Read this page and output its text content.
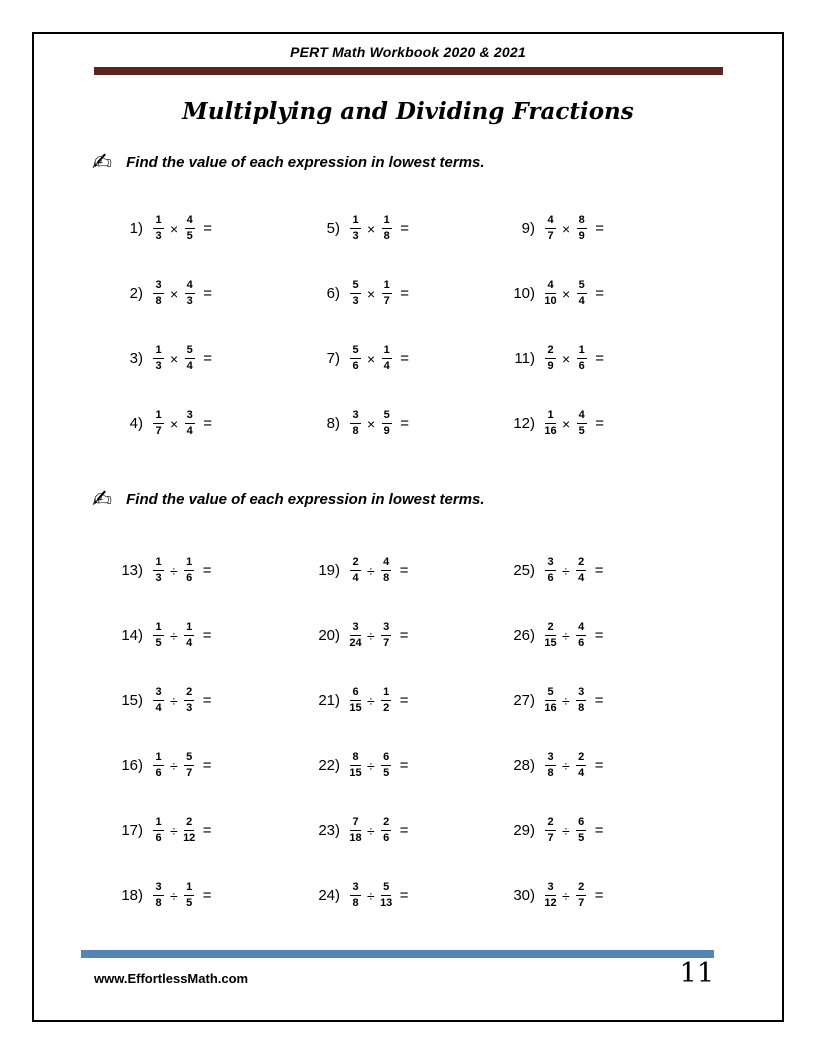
PERT Math Workbook 2020 & 2021
Multiplying and Dividing Fractions
✍ Find the value of each expression in lowest terms.
$1) \frac{1}{3} \times \frac{4}{5}$ =
$2) \frac{3}{8} \times \frac{4}{3}$ =
$3) \frac{1}{3} \times \frac{5}{4}$ =
$4) \frac{1}{7} \times \frac{3}{4}$ =
$5) \frac{1}{3} \times \frac{1}{8}$ =
$6) \frac{5}{3} \times \frac{1}{7}$ =
$7) \frac{5}{6} \times \frac{1}{4}$ =
$8) \frac{3}{8} \times \frac{5}{9}$ =
$9) \frac{4}{7} \times \frac{8}{9}$ =
$10) \frac{4}{10} \times \frac{5}{4}$ =
$11) \frac{2}{9} \times \frac{1}{6}$ =
$12) \frac{1}{16} \times \frac{4}{5}$ =
✍ Find the value of each expression in lowest terms.
$13) \frac{1}{3} \div \frac{1}{6}$ =
$14) \frac{1}{5} \div \frac{1}{4}$ =
$15) \frac{3}{4} \div \frac{2}{3}$ =
$16) \frac{1}{6} \div \frac{5}{7}$ =
$17) \frac{1}{6} \div \frac{2}{12}$ =
$18) \frac{3}{8} \div \frac{1}{5}$ =
$19) \frac{2}{4} \div \frac{4}{8}$ =
$20) \frac{3}{24} \div \frac{3}{7}$ =
$21) \frac{6}{15} \div \frac{1}{2}$ =
$22) \frac{8}{15} \div \frac{6}{5}$ =
$23) \frac{7}{18} \div \frac{2}{6}$ =
$24) \frac{3}{8} \div \frac{5}{13}$ =
$25) \frac{3}{6} \div \frac{2}{4}$ =
$26) \frac{2}{15} \div \frac{4}{6}$ =
$27) \frac{5}{16} \div \frac{3}{8}$ =
$28) \frac{3}{8} \div \frac{2}{4}$ =
$29) \frac{2}{7} \div \frac{6}{5}$ =
$30) \frac{3}{12} \div \frac{2}{7}$ =
www.EffortlessMath.com	11
